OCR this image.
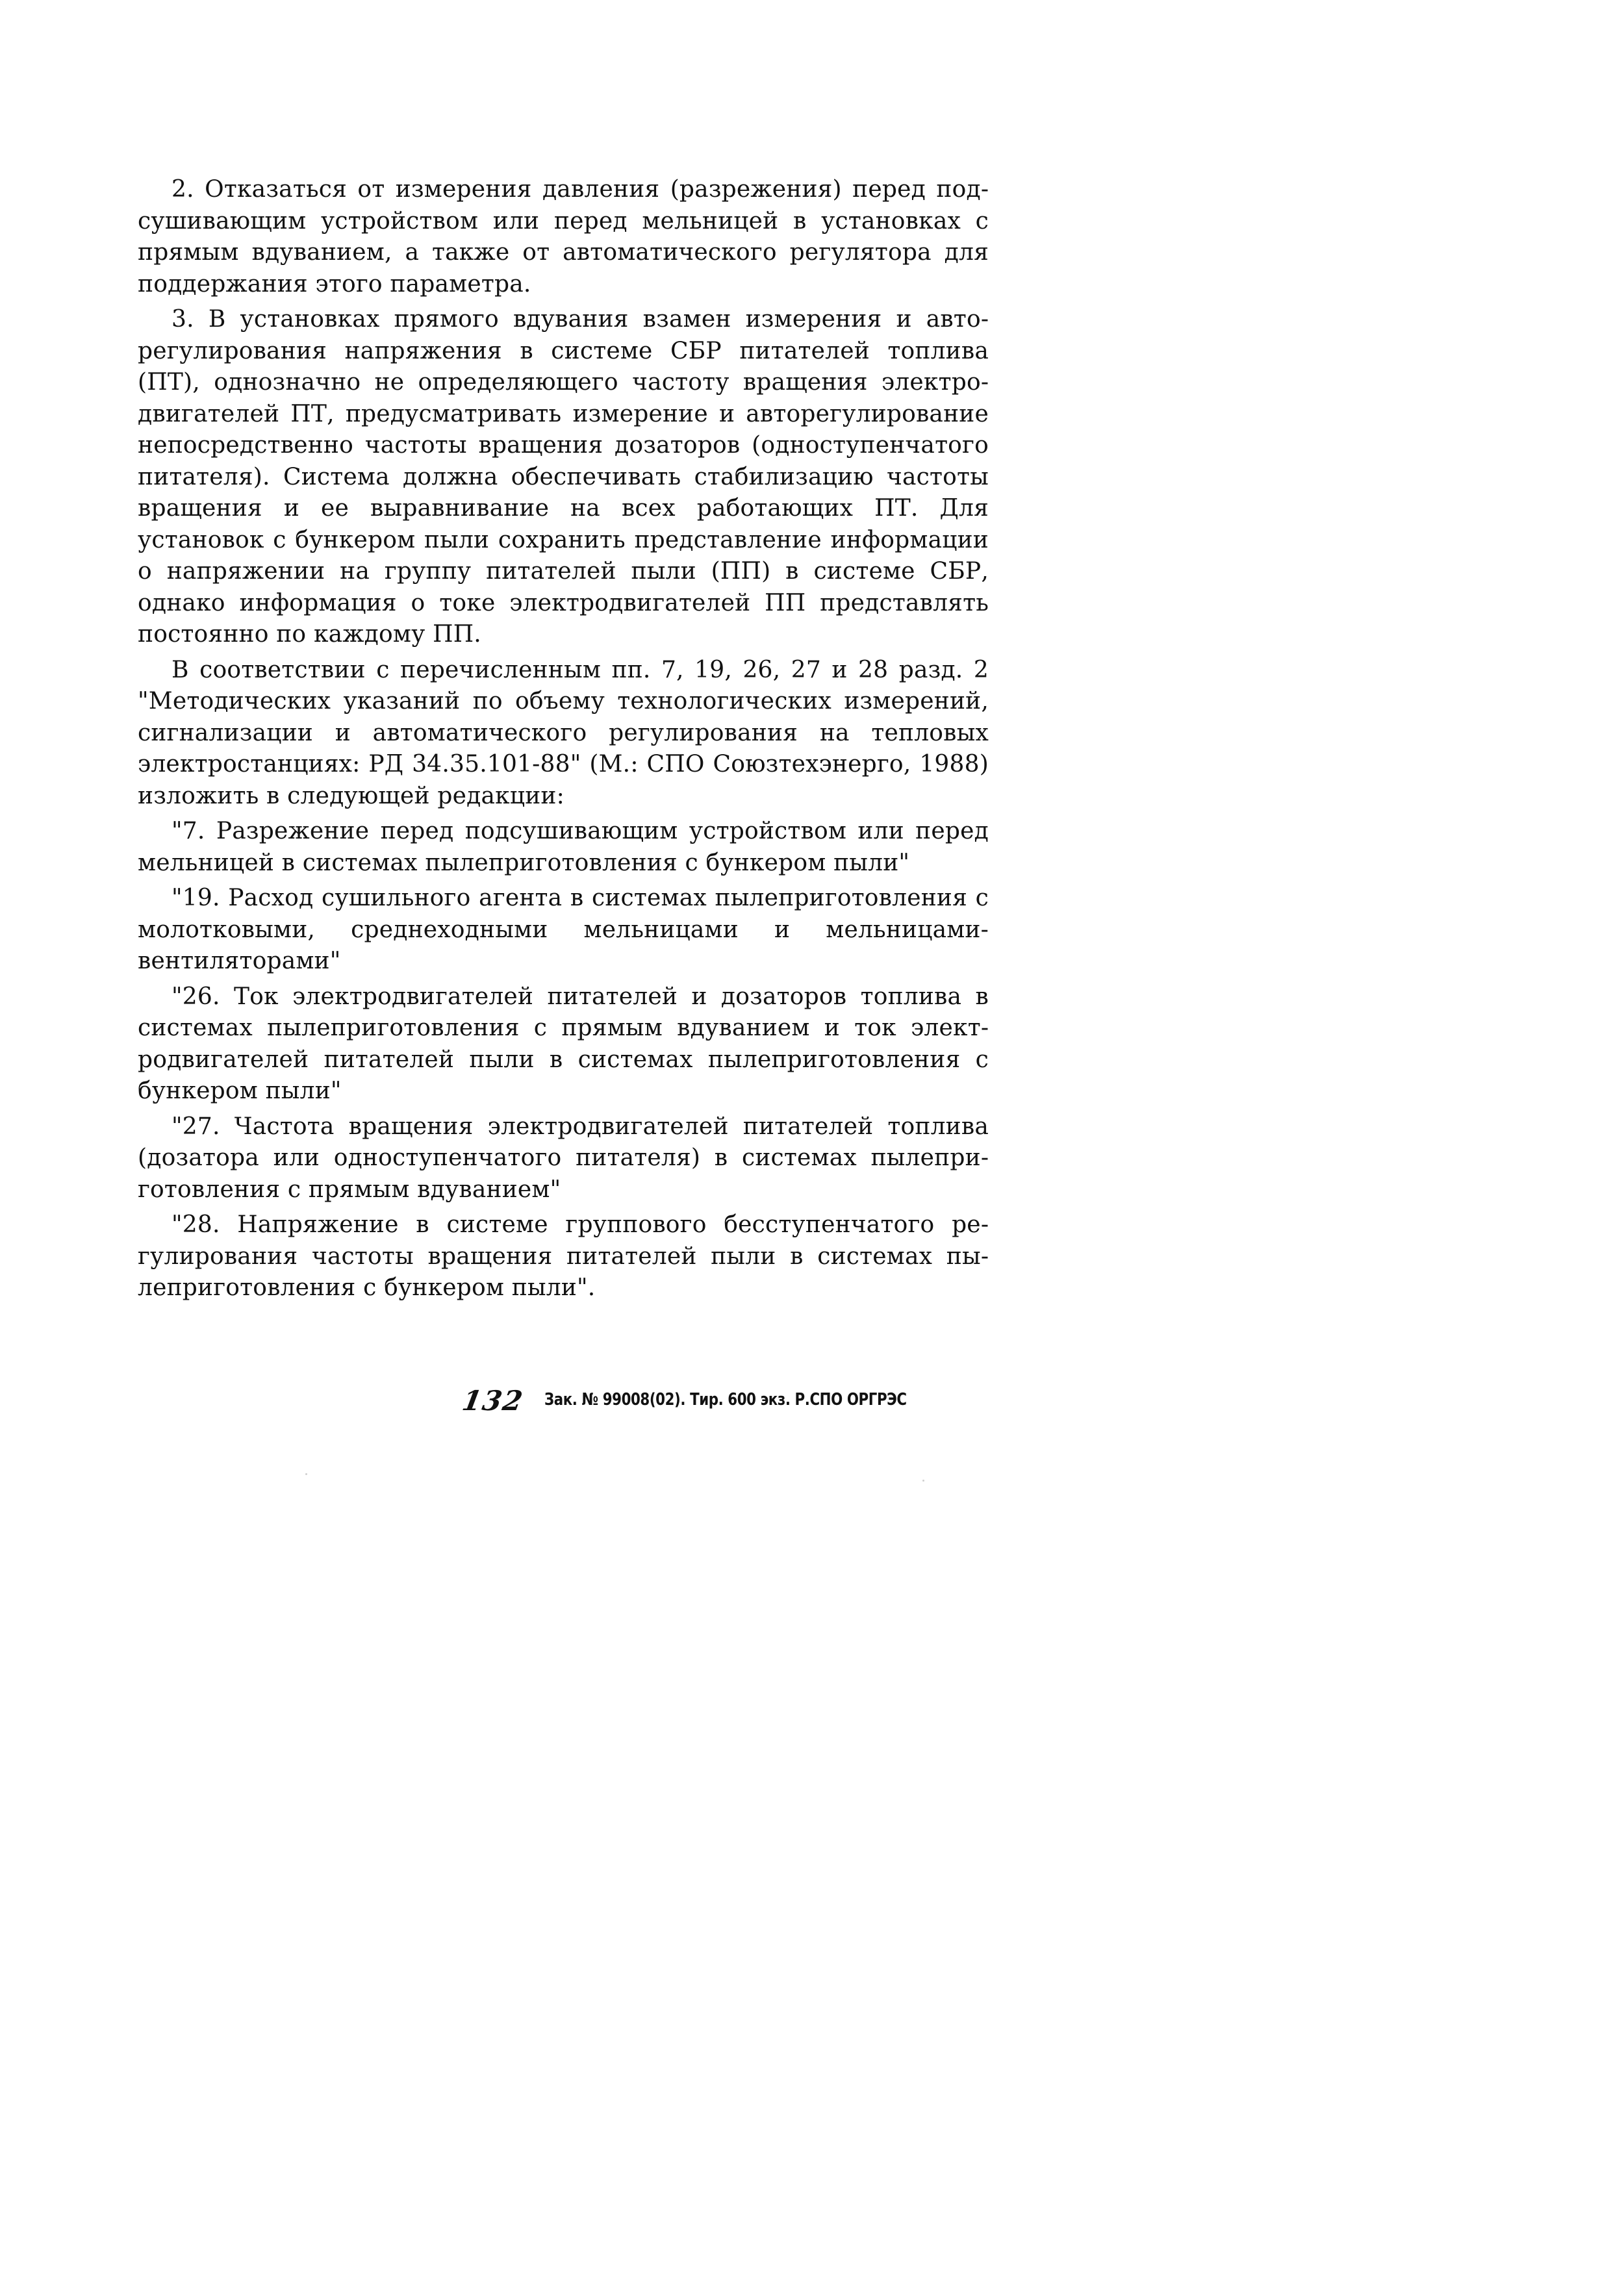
2. Отказаться от измерения давления (разрежения) перед подсушивающим устройством или перед мельницей в установках с прямым вдуванием, а также от автоматического регулятора для поддержания этого параметра.

3. В установках прямого вдувания взамен измерения и авторегулирования напряжения в системе СБР питателей топлива (ПТ), однозначно не определяющего частоту вращения электродвигателей ПТ, предусматривать измерение и авторегулирование непосредственно частоты вращения дозаторов (одноступенчатого питателя). Система должна обеспечивать стабилизацию частоты вращения и ее выравнивание на всех работающих ПТ. Для установок с бункером пыли сохранить представление информации о напряжении на группу питателей пыли (ПП) в системе СБР, однако информация о токе электродвигателей ПП представлять постоянно по каждому ПП.

В соответствии с перечисленным пп. 7, 19, 26, 27 и 28 разд. 2 "Методических указаний по объему технологических измерений, сигнализации и автоматического регулирования на тепловых электростанциях: РД 34.35.101-88" (М.: СПО Союзтехэнерго, 1988) изложить в следующей редакции:

"7. Разрежение перед подсушивающим устройством или перед мельницей в системах пылеприготовления с бункером пыли"

"19. Расход сушильного агента в системах пылеприготовления с молотковыми, среднеходными мельницами и мельницами-вентиляторами"

"26. Ток электродвигателей питателей и дозаторов топлива в системах пылеприготовления с прямым вдуванием и ток электродвигателей питателей пыли в системах пылеприготовления с бункером пыли"

"27. Частота вращения электродвигателей питателей топлива (дозатора или одноступенчатого питателя) в системах пылеприготовления с прямым вдуванием"

"28. Напряжение в системе группового бесступенчатого регулирования частоты вращения питателей пыли в системах пылеприготовления с бункером пыли".

132 Зак. № 99008(02). Тир. 600 экз. Р.СПО ОРГРЭС
